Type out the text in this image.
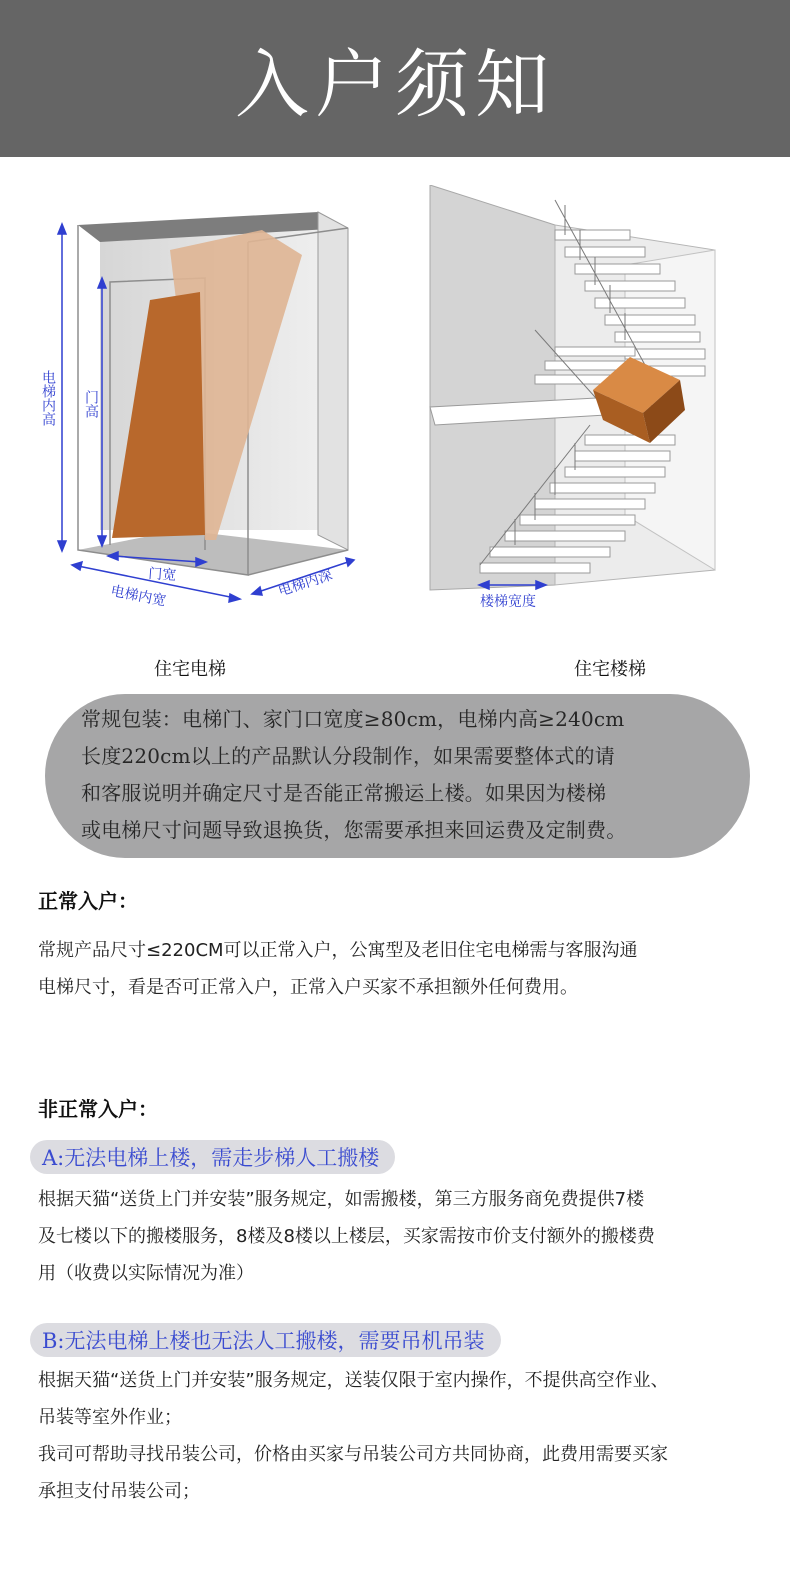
入户须知
电梯内高 门高
门宽
电梯内宽	电梯内深
住宅电梯
楼梯宽度
住宅楼梯

常规包装：电梯门、家门口宽度≥80cm，电梯内高≥240cm

长度220cm以上的产品默认分段制作，如果需要整体式的请

和客服说明并确定尺寸是否能正常搬运上楼。如果因为楼梯

或电梯尺寸问题导致退换货，您需要承担来回运费及定制费。

正常入户：
常规产品尺寸≤220CM可以正常入户，公寓型及老旧住宅电梯需与客服沟通
电梯尺寸，看是否可正常入户，正常入户买家不承担额外任何费用。
非正常入户：
A:无法电梯上楼，需走步梯人工搬楼
根据天猫“送货上门并安装”服务规定，如需搬楼，第三方服务商免费提供7楼
及七楼以下的搬楼服务，8楼及8楼以上楼层，买家需按市价支付额外的搬楼费
用（收费以实际情况为准）
B:无法电梯上楼也无法人工搬楼，需要吊机吊装
根据天猫“送货上门并安装”服务规定，送装仅限于室内操作，不提供高空作业、
吊装等室外作业；
我司可帮助寻找吊装公司，价格由买家与吊装公司方共同协商，此费用需要买家
承担支付吊装公司；
